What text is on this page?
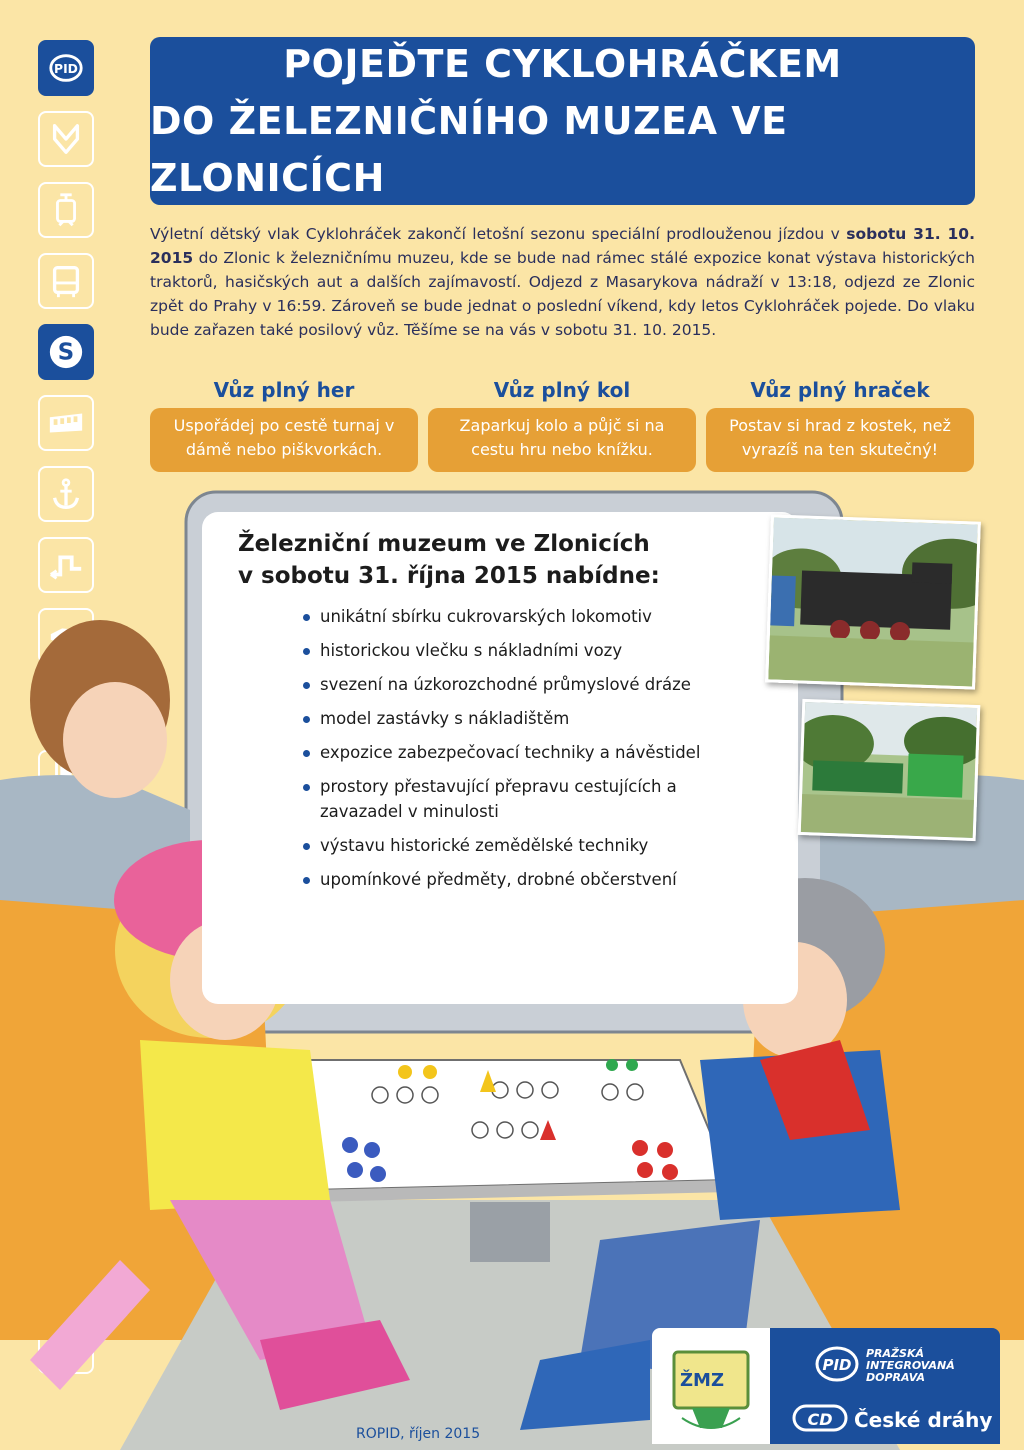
PID
S
POJEĎTE CYKLOHRÁČKEM
DO ŽELEZNIČNÍHO MUZEA VE ZLONICÍCH
Výletní dětský vlak Cyklohráček zakončí letošní sezonu speciální prodlouženou jízdou v sobotu 31. 10. 2015 do Zlonic k železničnímu muzeu, kde se bude nad rámec stálé expozice konat výstava historických traktorů, hasičských aut a dalších zajímavostí. Odjezd z Masarykova nádraží v 13:18, odjezd ze Zlonic zpět do Prahy v 16:59. Zároveň se bude jednat o poslední víkend, kdy letos Cyklohráček pojede. Do vlaku bude zařazen také posilový vůz. Těšíme se na vás v sobotu 31. 10. 2015.
Vůz plný her
Uspořádej po cestě turnaj v dámě nebo piškvorkách.
Vůz plný kol
Zaparkuj kolo a půjč si na cestu hru nebo knížku.
Vůz plný hraček
Postav si hrad z kostek, než vyrazíš na ten skutečný!
Železniční muzeum ve Zlonicích
v sobotu 31. října 2015 nabídne:
unikátní sbírku cukrovarských lokomotiv
historickou vlečku s nákladními vozy
svezení na úzkorozchodné průmyslové dráze
model zastávky s nákladištěm
expozice zabezpečovací techniky a návěstidel
prostory přestavující přepravu cestujících a zavazadel v minulosti
výstavu historické zemědělské techniky
upomínkové předměty, drobné občerstvení
ROPID, říjen 2015
ŽMZ
PID
PRAŽSKÁ
INTEGROVANÁ
DOPRAVA
CD České dráhy
